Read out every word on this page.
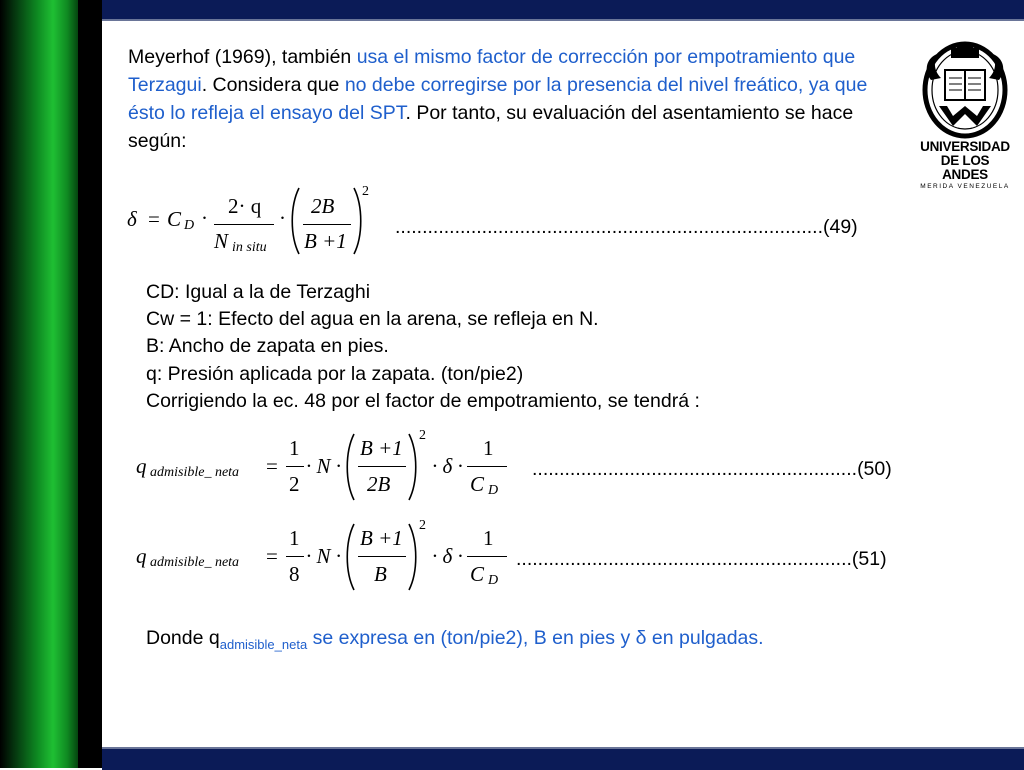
Meyerhof (1969), también usa el mismo factor de corrección por empotramiento que Terzagui. Considera que no debe corregirse por la presencia del nivel freático, ya que ésto lo refleja el ensayo del SPT. Por tanto, su evaluación del asentamiento se hace según:	UNIVERSIDAD
DE LOS ANDES
MERIDA VENEZUELA
δ = C D · 2· q
N in situ
· 2B
B +1
2
...............................................................................(49)
CD: Igual a la de Terzaghi
Cw = 1: Efecto del agua en la arena, se refleja en N.
B: Ancho de zapata en pies.
q: Presión aplicada por la zapata. (ton/pie2)
Corrigiendo la ec. 48 por el factor de empotramiento, se tendrá :
q admisible_ neta =
1
2
· N ·
B +1
2B
2
· δ ·
1
C D
............................................................(50)
q admisible_ neta =
1
8
· N ·
B +1
B
2
· δ ·
1
C D
..............................................................(51)
Donde $q_{admisible\_neta}$ se expresa en (ton/pie2), B en pies y δ en pulgadas.
